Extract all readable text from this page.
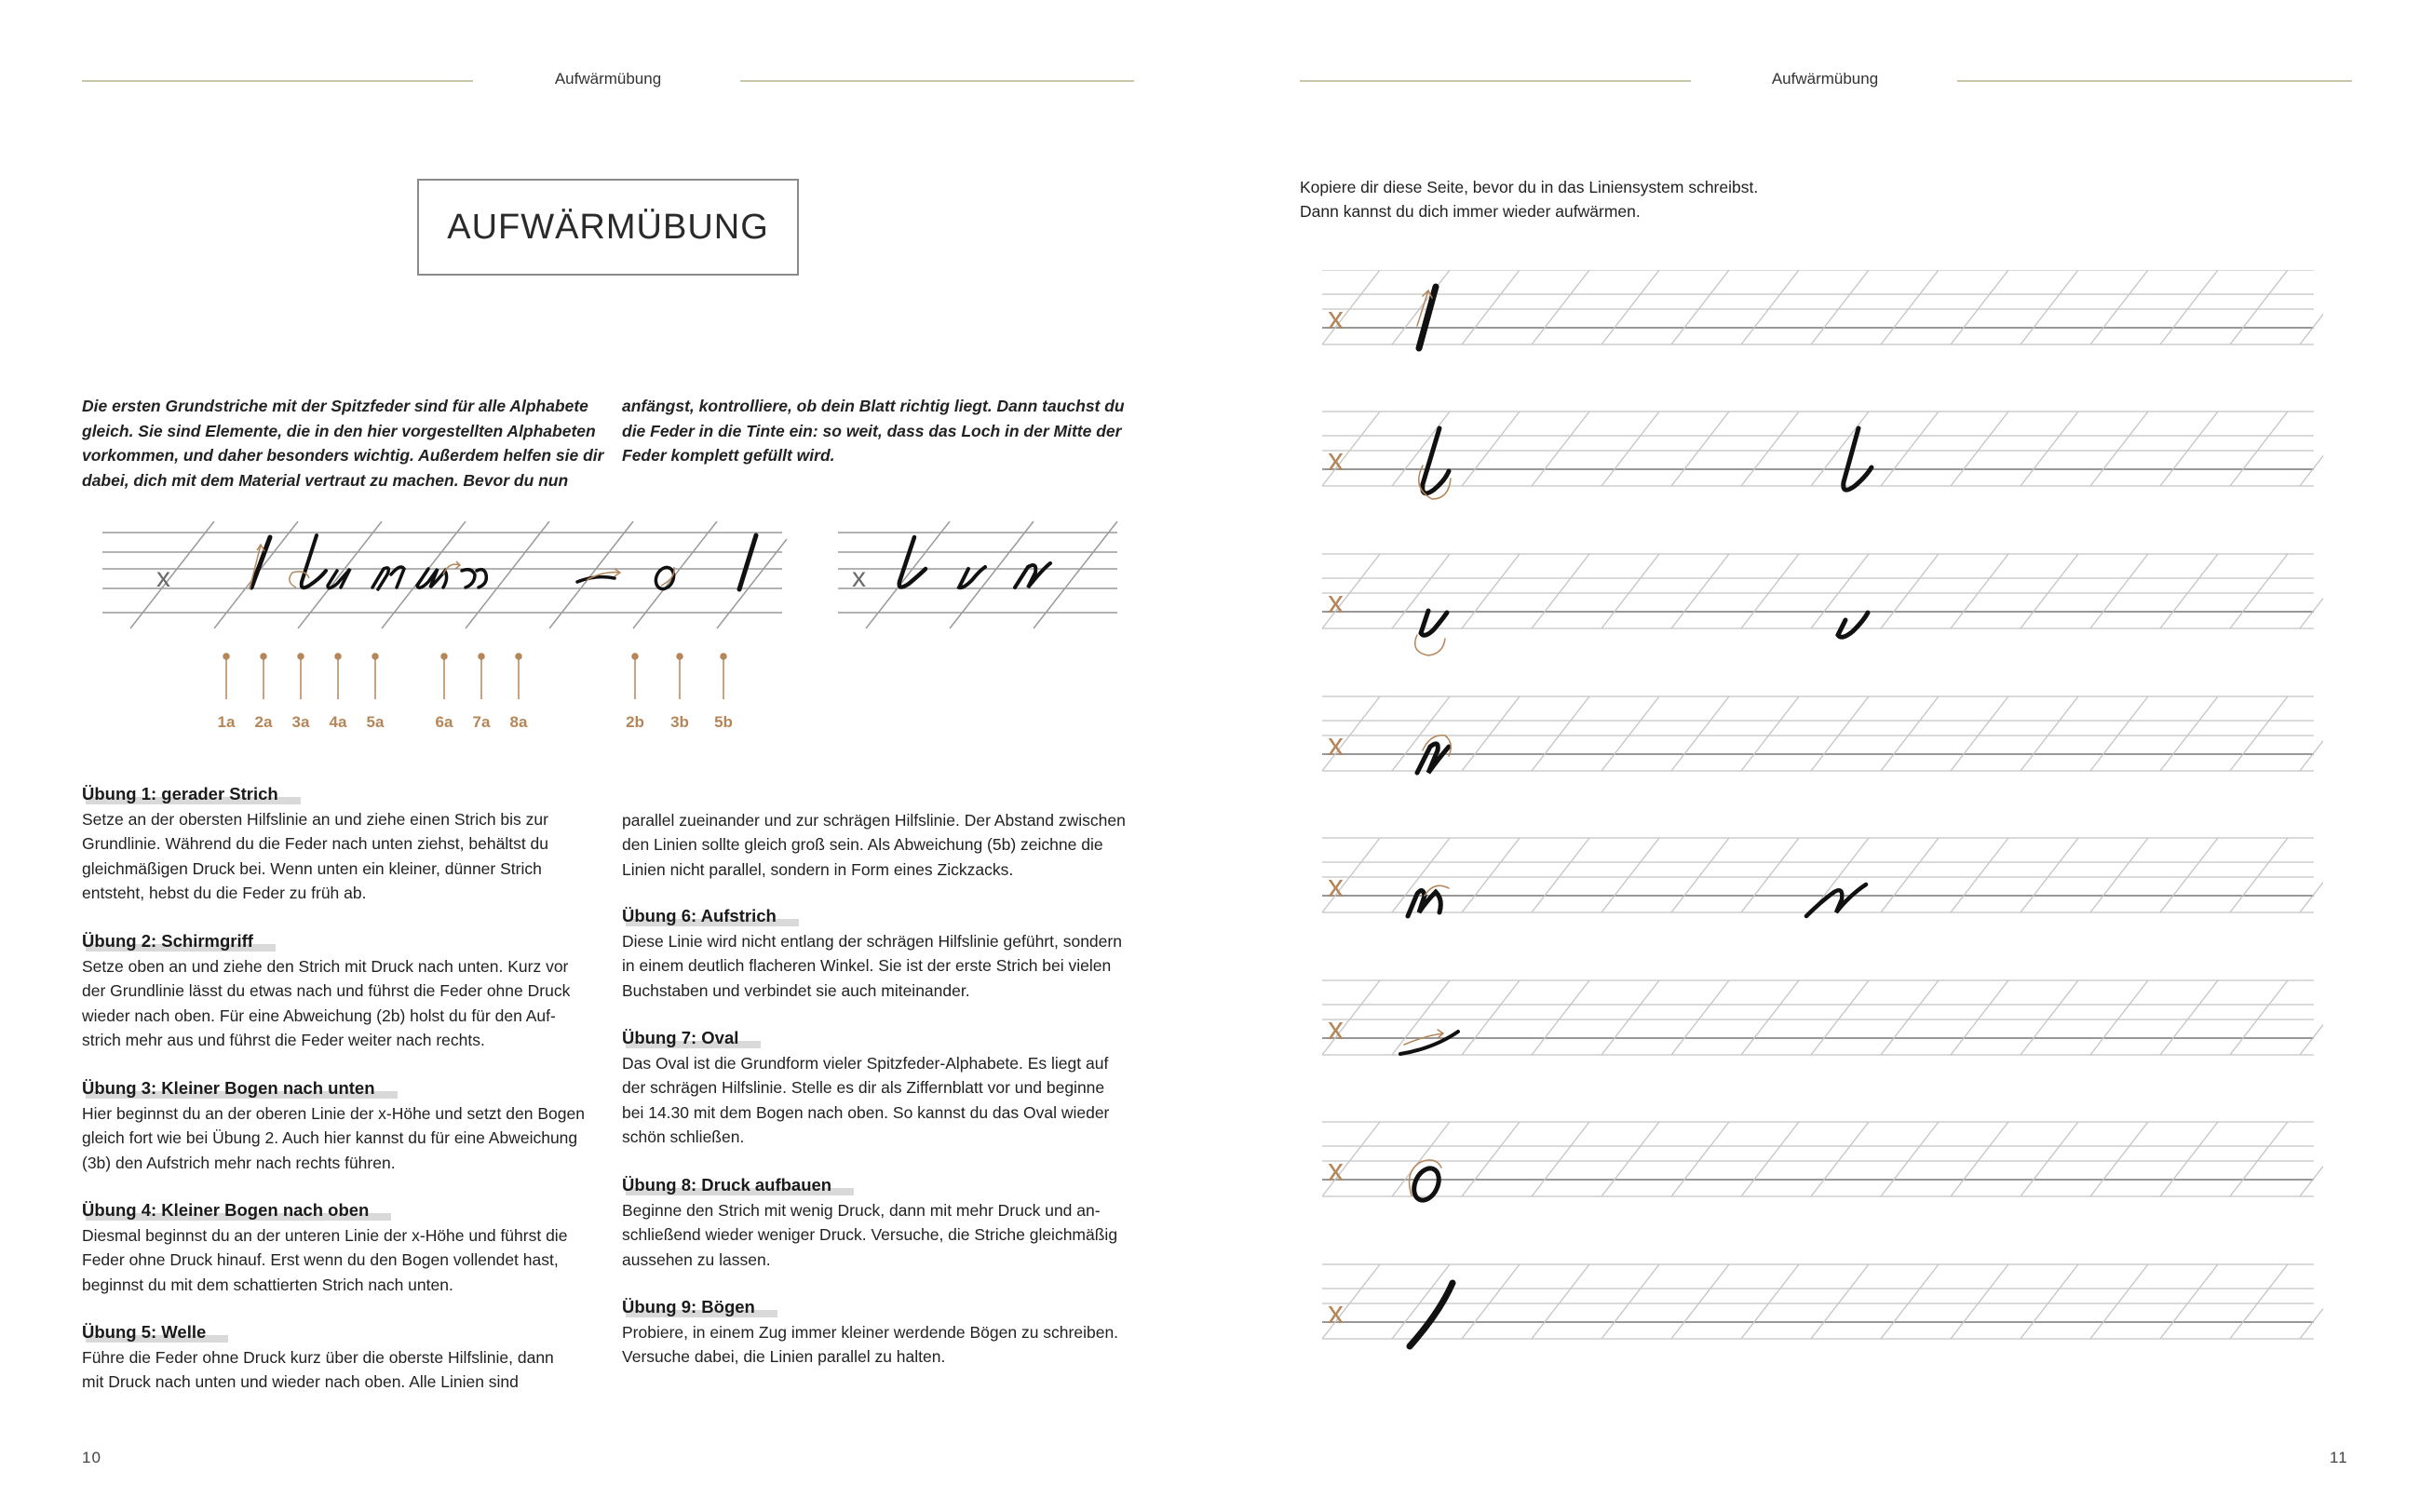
Aufwärmübung	Aufwärmübung
AUFWÄRMÜBUNG
Die ersten Grundstriche mit der Spitzfeder sind für alle Alphabete
gleich. Sie sind Elemente, die in den hier vorgestellten Alphabeten
vorkommen, und daher besonders wichtig. Außerdem helfen sie dir
dabei, dich mit dem Material vertraut zu machen. Bevor du nun
anfängst, kontrolliere, ob dein Blatt richtig liegt. Dann tauchst du
die Feder in die Tinte ein: so weit, dass das Loch in der Mitte der
Feder komplett gefüllt wird.
x	x
1a 2a 3a 4a 5a	6a 7a 8a	2b 3b 5b
Übung 1: gerader Strich
Setze an der obersten Hilfslinie an und ziehe einen Strich bis zur
Grundlinie. Während du die Feder nach unten ziehst, behältst du
gleichmäßigen Druck bei. Wenn unten ein kleiner, dünner Strich
entsteht, hebst du die Feder zu früh ab.
Übung 2: Schirmgriff
Setze oben an und ziehe den Strich mit Druck nach unten. Kurz vor
der Grundlinie lässt du etwas nach und führst die Feder ohne Druck
wieder nach oben. Für eine Abweichung (2b) holst du für den Auf-
strich mehr aus und führst die Feder weiter nach rechts.
Übung 3: Kleiner Bogen nach unten
Hier beginnst du an der oberen Linie der x-Höhe und setzt den Bogen
gleich fort wie bei Übung 2. Auch hier kannst du für eine Abweichung
(3b) den Aufstrich mehr nach rechts führen.
Übung 4: Kleiner Bogen nach oben
Diesmal beginnst du an der unteren Linie der x-Höhe und führst die
Feder ohne Druck hinauf. Erst wenn du den Bogen vollendet hast,
beginnst du mit dem schattierten Strich nach unten.
Übung 5: Welle
Führe die Feder ohne Druck kurz über die oberste Hilfslinie, dann
mit Druck nach unten und wieder nach oben. Alle Linien sind
parallel zueinander und zur schrägen Hilfslinie. Der Abstand zwischen
den Linien sollte gleich groß sein. Als Abweichung (5b) zeichne die
Linien nicht parallel, sondern in Form eines Zickzacks.
Übung 6: Aufstrich
Diese Linie wird nicht entlang der schrägen Hilfslinie geführt, sondern
in einem deutlich flacheren Winkel. Sie ist der erste Strich bei vielen
Buchstaben und verbindet sie auch miteinander.
Übung 7: Oval
Das Oval ist die Grundform vieler Spitzfeder-Alphabete. Es liegt auf
der schrägen Hilfslinie. Stelle es dir als Ziffernblatt vor und beginne
bei 14.30 mit dem Bogen nach oben. So kannst du das Oval wieder
schön schließen.
Übung 8: Druck aufbauen
Beginne den Strich mit wenig Druck, dann mit mehr Druck und an-
schließend wieder weniger Druck. Versuche, die Striche gleichmäßig
aussehen zu lassen.
Übung 9: Bögen
Probiere, in einem Zug immer kleiner werdende Bögen zu schreiben.
Versuche dabei, die Linien parallel zu halten.
10	11
Kopiere dir diese Seite, bevor du in das Liniensystem schreibst.
Dann kannst du dich immer wieder aufwärmen.
x
x
x
x
x
x
x
x
